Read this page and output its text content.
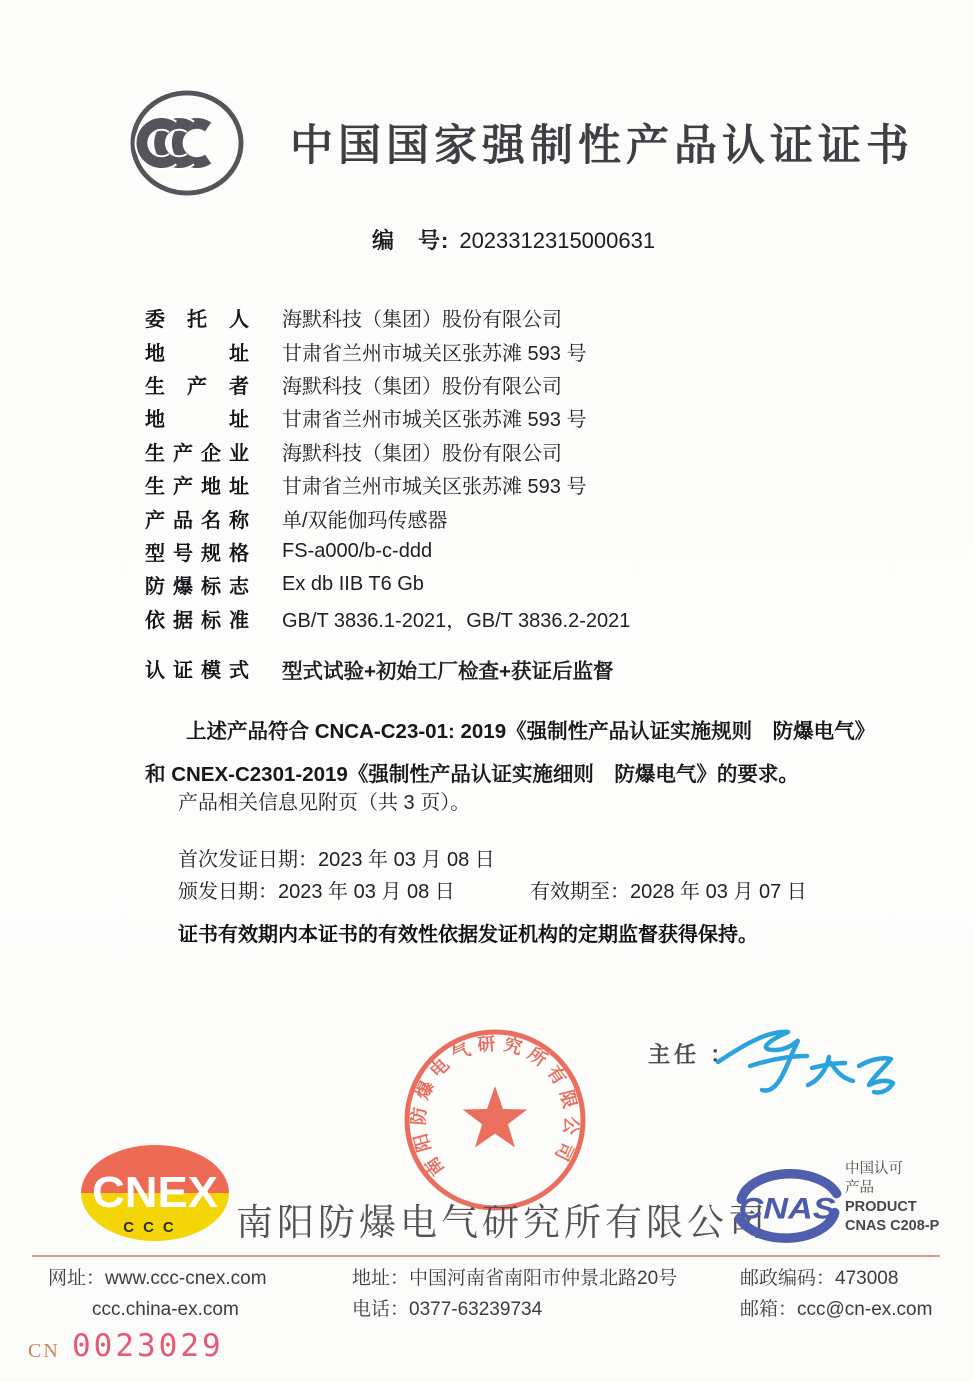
中国国家强制性产品认证证书
编　号: 2023312315000631
委托人 海默科技（集团）股份有限公司
地址 甘肃省兰州市城关区张苏滩 593 号
生产者 海默科技（集团）股份有限公司
地址 甘肃省兰州市城关区张苏滩 593 号
生产企业 海默科技（集团）股份有限公司
生产地址 甘肃省兰州市城关区张苏滩 593 号
产品名称 单/双能伽玛传感器
型号规格 FS-a000/b-c-ddd
防爆标志 Ex db IIB T6 Gb
依据标准 GB/T 3836.1-2021，GB/T 3836.2-2021
认证模式 型式试验+初始工厂检查+获证后监督
上述产品符合 CNCA-C23-01: 2019《强制性产品认证实施规则　防爆电气》
和 CNEX-C2301-2019《强制性产品认证实施细则　防爆电气》的要求。
产品相关信息见附页（共 3 页）。
首次发证日期：2023 年 03 月 08 日
颁发日期：2023 年 03 月 08 日	有效期至：2028 年 03 月 07 日
证书有效期内本证书的有效性依据发证机构的定期监督获得保持。
主任 ：
南阳防爆电气研究所有限公司
南阳防爆电气研究所有限公司
CNEX
CCC
CNAS
中国认可
产品
PRODUCT
CNAS C208-P
网址：www.ccc-cnex.com
ccc.china-ex.com
地址：中国河南省南阳市仲景北路20号
电话：0377-63239734
邮政编码：473008
邮箱：ccc@cn-ex.com
CN 0023029
